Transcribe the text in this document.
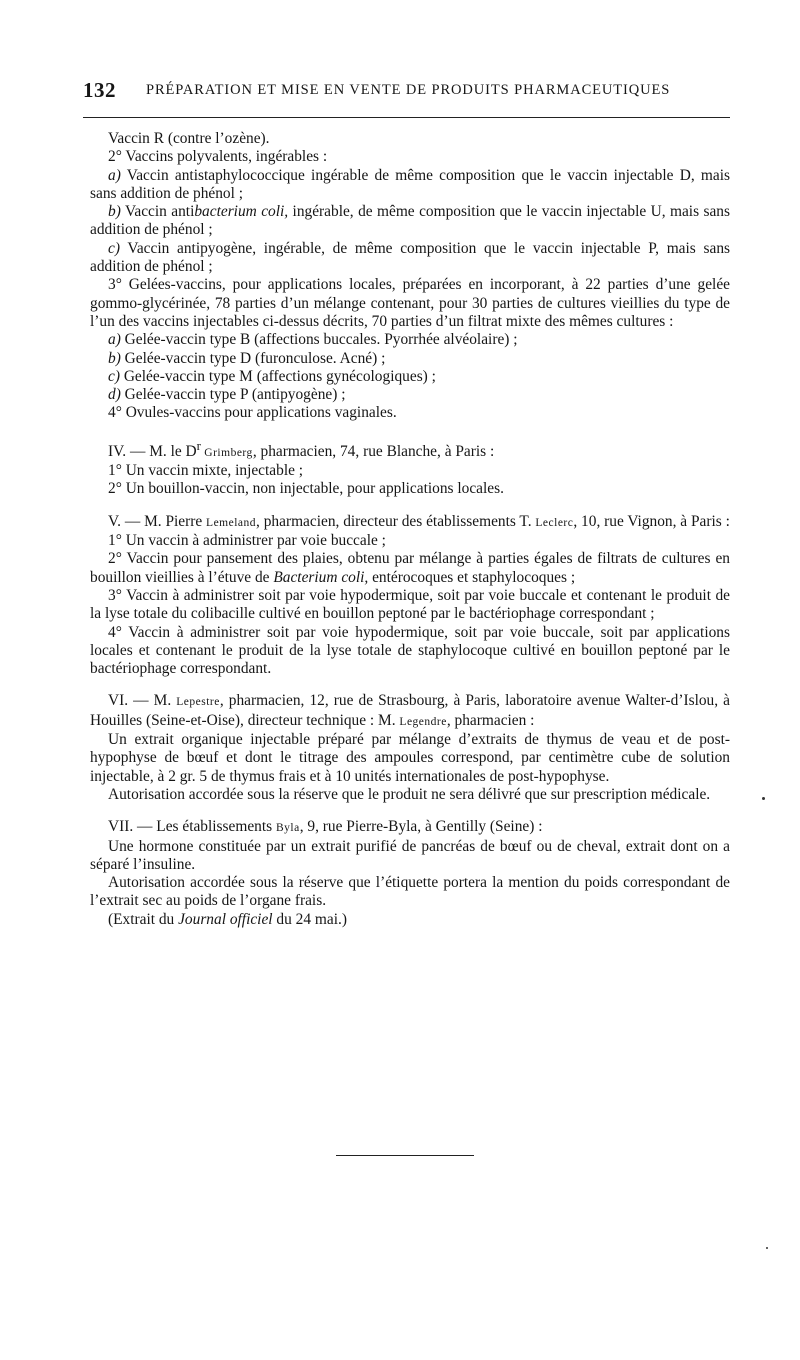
132 PRÉPARATION ET MISE EN VENTE DE PRODUITS PHARMACEUTIQUES

Vaccin R (contre l’ozène).

2° Vaccins polyvalents, ingérables :

a) Vaccin antistaphylococcique ingérable de même composition que le vaccin injectable D, mais sans addition de phénol ;

b) Vaccin antibacterium coli, ingérable, de même composition que le vaccin injectable U, mais sans addition de phénol ;

c) Vaccin antipyogène, ingérable, de même composition que le vaccin injectable P, mais sans addition de phénol ;

3° Gelées-vaccins, pour applications locales, préparées en incorporant, à 22 parties d’une gelée gommo-glycérinée, 78 parties d’un mélange contenant, pour 30 parties de cultures vieillies du type de l’un des vaccins injectables ci-dessus décrits, 70 parties d’un filtrat mixte des mêmes cultures :

a) Gelée-vaccin type B (affections buccales. Pyorrhée alvéolaire) ;

b) Gelée-vaccin type D (furonculose. Acné) ;

c) Gelée-vaccin type M (affections gynécologiques) ;

d) Gelée-vaccin type P (antipyogène) ;

4° Ovules-vaccins pour applications vaginales.

IV. — M. le $D^r$ Grimberg, pharmacien, 74, rue Blanche, à Paris :

1° Un vaccin mixte, injectable ;

2° Un bouillon-vaccin, non injectable, pour applications locales.

V. — M. Pierre Lemeland, pharmacien, directeur des établissements T. Leclerc, 10, rue Vignon, à Paris :

1° Un vaccin à administrer par voie buccale ;

2° Vaccin pour pansement des plaies, obtenu par mélange à parties égales de filtrats de cultures en bouillon vieillies à l’étuve de Bacterium coli, entérocoques et staphylocoques ;

3° Vaccin à administrer soit par voie hypodermique, soit par voie buccale et contenant le produit de la lyse totale du colibacille cultivé en bouillon peptoné par le bactériophage correspondant ;

4° Vaccin à administrer soit par voie hypodermique, soit par voie buccale, soit par applications locales et contenant le produit de la lyse totale de staphylocoque cultivé en bouillon peptoné par le bactériophage correspondant.

VI. — M. Lepestre, pharmacien, 12, rue de Strasbourg, à Paris, laboratoire avenue Walter-d’Islou, à Houilles (Seine-et-Oise), directeur technique : M. Legendre, pharmacien :

Un extrait organique injectable préparé par mélange d’extraits de thymus de veau et de post-hypophyse de bœuf et dont le titrage des ampoules correspond, par centimètre cube de solution injectable, à 2 gr. 5 de thymus frais et à 10 unités internationales de post-hypophyse.

Autorisation accordée sous la réserve que le produit ne sera délivré que sur prescription médicale.

VII. — Les établissements Byla, 9, rue Pierre-Byla, à Gentilly (Seine) :

Une hormone constituée par un extrait purifié de pancréas de bœuf ou de cheval, extrait dont on a séparé l’insuline.

Autorisation accordée sous la réserve que l’étiquette portera la mention du poids correspondant de l’extrait sec au poids de l’organe frais.

(Extrait du Journal officiel du 24 mai.)
